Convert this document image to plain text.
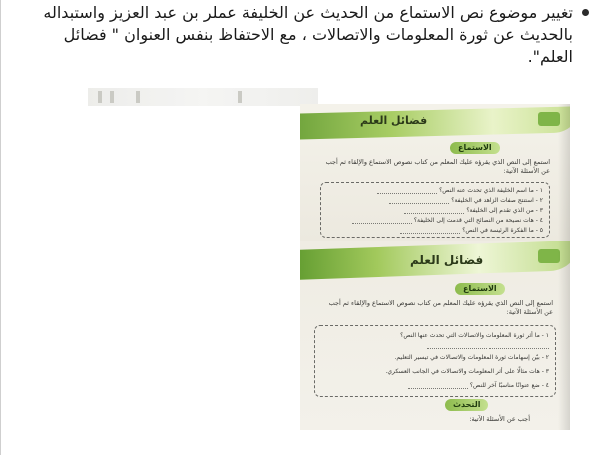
تغيير موضوع نص الاستماع من الحديث عن الخليفة عملر بن عبد العزيز واستبداله بالحديث عن ثورة المعلومات والاتصالات ، مع الاحتفاظ بنفس العنوان " فضائل العلم".

فضائل العلم
الاستماع
استمع إلى النص الذي يقرؤه عليك المعلم من كتاب نصوص الاستماع والإلقاء ثم أجب عن الأسئلة الآتية:
١ - ما اسم الخليفة الذي تحدث عنه النص؟
٢ - استنتج صفات الزاهد في الخليفة؟
٣ - من الذي تقدم إلى الخليفة؟
٤ - هات نصيحة من النصائح التي قدمت إلى الخليفة؟
٥ - ما الفكرة الرئيسة في النص؟
فضائل العلم
الاستماع
استمع إلى النص الذي يقرؤه عليك المعلم من كتاب نصوص الاستماع والإلقاء ثم أجب عن الأسئلة الآتية:
١ - ما أثر ثورة المعلومات والاتصالات التي تحدث عنها النص؟

٢ - بيّن إسهامات ثورة المعلومات والاتصالات في تيسير التعليم.
٣ - هات مثالًا على أثر المعلومات والاتصالات في الجانب العسكري.
٤ - ضع عنوانًا مناسبًا آخر للنص؟
التحدث
أجب عن الأسئلة الآتية:
